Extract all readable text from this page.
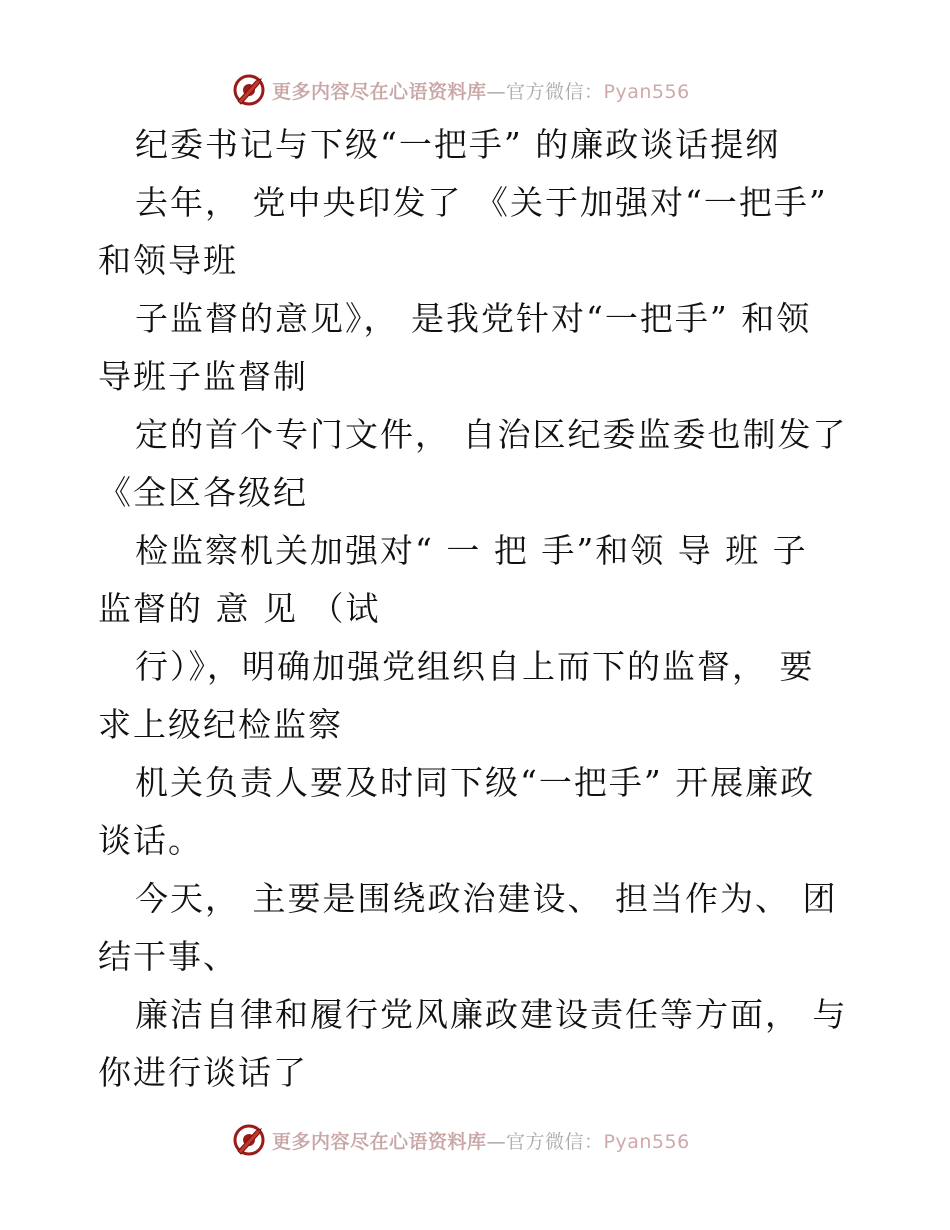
更多内容尽在心语资料库—官方微信：Pyan556
纪委书记与下级“一把手” 的廉政谈话提纲
去年， 党中央印发了 《关于加强对“一把手”
和领导班
子监督的意见》， 是我党针对“一把手” 和领
导班子监督制
定的首个专门文件， 自治区纪委监委也制发了
《全区各级纪
检监察机关加强对“ 一 把 手”和领 导 班 子
监督的 意 见 （试
行）》，明确加强党组织自上而下的监督， 要
求上级纪检监察
机关负责人要及时同下级“一把手” 开展廉政
谈话。
今天， 主要是围绕政治建设、 担当作为、 团
结干事、
廉洁自律和履行党风廉政建设责任等方面， 与
你进行谈话了
更多内容尽在心语资料库—官方微信：Pyan556
